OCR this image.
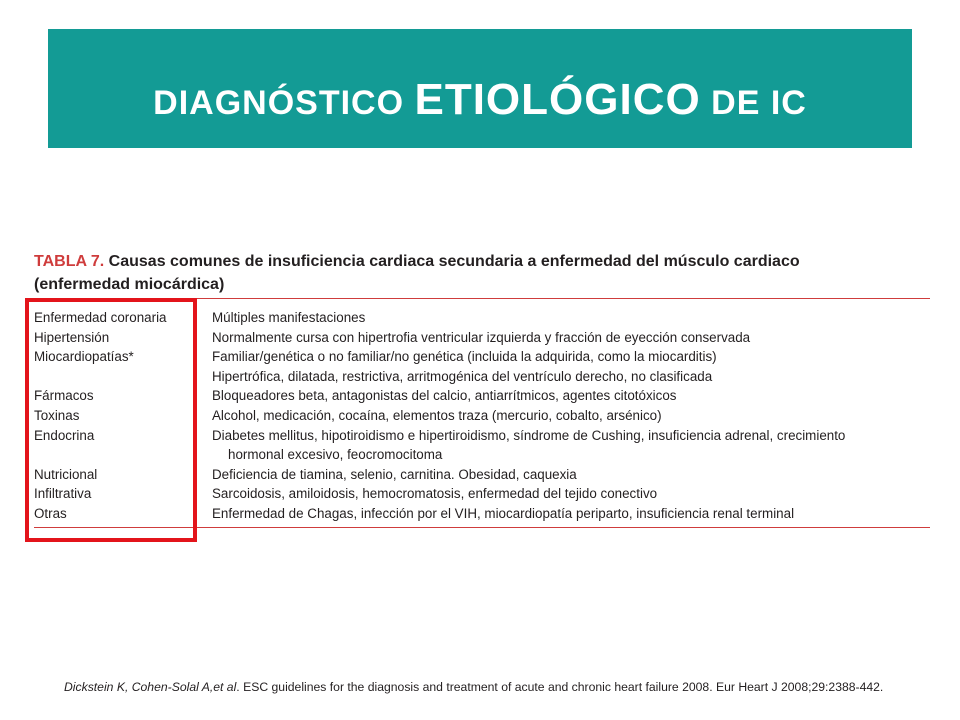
DIAGNÓSTICO ETIOLÓGICO DE IC
TABLA 7. Causas comunes de insuficiencia cardiaca secundaria a enfermedad del músculo cardiaco
(enfermedad miocárdica)
Enfermedad coronaria	Múltiples manifestaciones
Hipertensión	Normalmente cursa con hipertrofia ventricular izquierda y fracción de eyección conservada
Miocardiopatías*	Familiar/genética o no familiar/no genética (incluida la adquirida, como la miocarditis)
Hipertrófica, dilatada, restrictiva, arritmogénica del ventrículo derecho, no clasificada
Fármacos	Bloqueadores beta, antagonistas del calcio, antiarrítmicos, agentes citotóxicos
Toxinas	Alcohol, medicación, cocaína, elementos traza (mercurio, cobalto, arsénico)
Endocrina	Diabetes mellitus, hipotiroidismo e hipertiroidismo, síndrome de Cushing, insuficiencia adrenal, crecimiento
hormonal excesivo, feocromocitoma
Nutricional	Deficiencia de tiamina, selenio, carnitina. Obesidad, caquexia
Infiltrativa	Sarcoidosis, amiloidosis, hemocromatosis, enfermedad del tejido conectivo
Otras	Enfermedad de Chagas, infección por el VIH, miocardiopatía periparto, insuficiencia renal terminal
Dickstein K, Cohen-Solal A,et al. ESC guidelines for the diagnosis and treatment of acute and chronic heart failure 2008. Eur Heart J 2008;29:2388-442.
